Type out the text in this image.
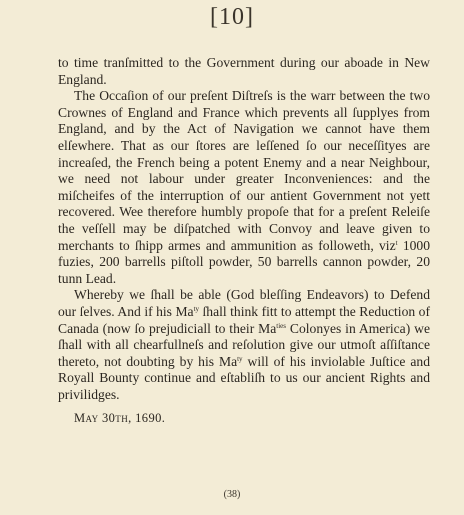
[10]

to time tranſmitted to the Government during our aboade in New England.

The Occaſion of our preſent Diſtreſs is the warr between the two Crownes of England and France which prevents all ſupplyes from England, and by the Act of Navigation we cannot have them elſewhere. That as our ſtores are leſſened ſo our neceſſityes are increaſed, the French being a potent Enemy and a near Neighbour, we need not labour under greater Inconveniences: and the miſcheifes of the interruption of our antient Government not yett recovered. Wee therefore humbly propoſe that for a preſent Releiſe the veſſell may be diſpatched with Convoy and leave given to merchants to ſhipp armes and ammunition as followeth, viz$^t$ 1000 fuzies, 200 barrells piſtoll powder, 50 barrells cannon powder, 20 tunn Lead.

Whereby we ſhall be able (God bleſſing Endeavors) to Defend our ſelves. And if his $Ma^{ty}$ ſhall think fitt to attempt the Reduction of Canada (now ſo prejudiciall to their $Ma^{ties}$ Colonyes in America) we ſhall with all chearfullneſs and reſolution give our utmoſt aſſiſtance thereto, not doubting by his $Ma^{ty}$ will of his inviolable Juſtice and Royall Bounty continue and eſtabliſh to us our ancient Rights and privilidges.

May 30th, 1690.
(38)
